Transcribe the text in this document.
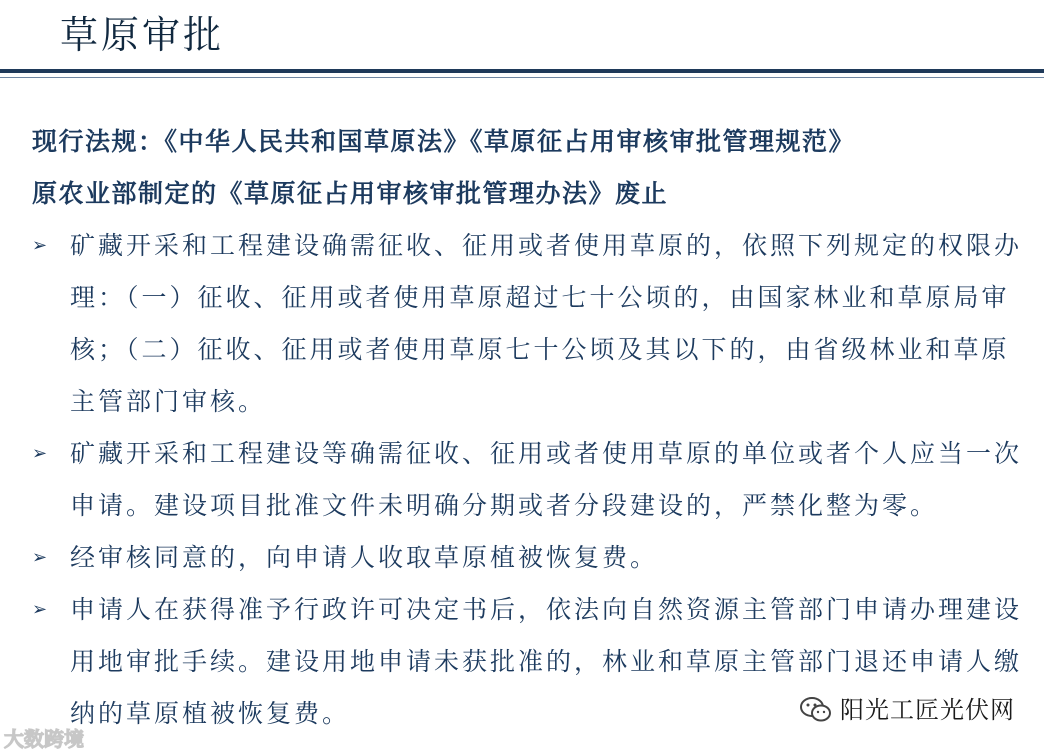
草原审批

现行法规：《中华人民共和国草原法》《草原征占用审核审批管理规范》

原农业部制定的《草原征占用审核审批管理办法》废止

➢ 矿藏开采和工程建设确需征收、征用或者使用草原的，依照下列规定的权限办理：（一）征收、征用或者使用草原超过七十公顷的，由国家林业和草原局审核；（二）征收、征用或者使用草原七十公顷及其以下的，由省级林业和草原主管部门审核。
➢ 矿藏开采和工程建设等确需征收、征用或者使用草原的单位或者个人应当一次申请。建设项目批准文件未明确分期或者分段建设的，严禁化整为零。
➢ 经审核同意的，向申请人收取草原植被恢复费。
➢ 申请人在获得准予行政许可决定书后，依法向自然资源主管部门申请办理建设用地审批手续。建设用地申请未获批准的，林业和草原主管部门退还申请人缴纳的草原植被恢复费。
大数跨境
阳光工匠光伏网
